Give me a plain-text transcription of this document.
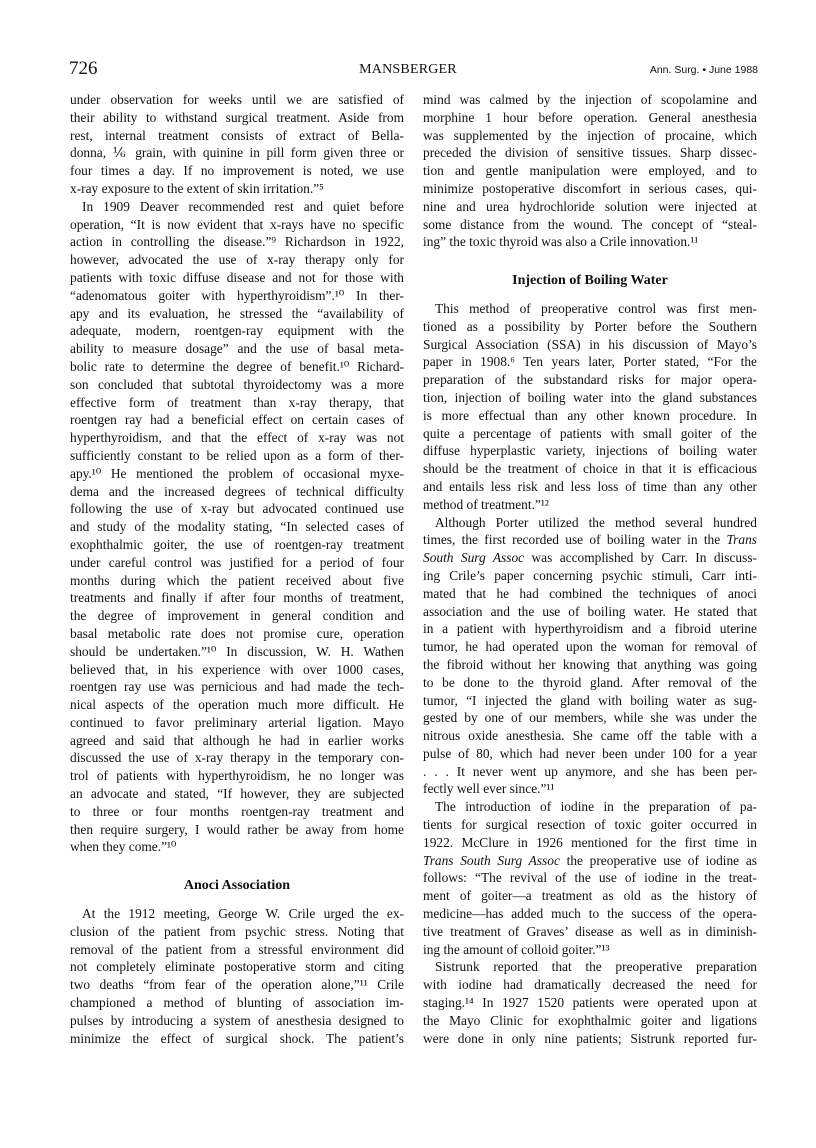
726	MANSBERGER	Ann. Surg. • June 1988
under observation for weeks until we are satisfied of
their ability to withstand surgical treatment. Aside from
rest, internal treatment consists of extract of Bella-
donna, ⅙ grain, with quinine in pill form given three or
four times a day. If no improvement is noted, we use
x-ray exposure to the extent of skin irritation.”⁵
In 1909 Deaver recommended rest and quiet before
operation, “It is now evident that x-rays have no specific
action in controlling the disease.”⁹ Richardson in 1922,
however, advocated the use of x-ray therapy only for
patients with toxic diffuse disease and not for those with
“adenomatous goiter with hyperthyroidism”.¹⁰ In ther-
apy and its evaluation, he stressed the “availability of
adequate, modern, roentgen-ray equipment with the
ability to measure dosage” and the use of basal meta-
bolic rate to determine the degree of benefit.¹⁰ Richard-
son concluded that subtotal thyroidectomy was a more
effective form of treatment than x-ray therapy, that
roentgen ray had a beneficial effect on certain cases of
hyperthyroidism, and that the effect of x-ray was not
sufficiently constant to be relied upon as a form of ther-
apy.¹⁰ He mentioned the problem of occasional myxe-
dema and the increased degrees of technical difficulty
following the use of x-ray but advocated continued use
and study of the modality stating, “In selected cases of
exophthalmic goiter, the use of roentgen-ray treatment
under careful control was justified for a period of four
months during which the patient received about five
treatments and finally if after four months of treatment,
the degree of improvement in general condition and
basal metabolic rate does not promise cure, operation
should be undertaken.”¹⁰ In discussion, W. H. Wathen
believed that, in his experience with over 1000 cases,
roentgen ray use was pernicious and had made the tech-
nical aspects of the operation much more difficult. He
continued to favor preliminary arterial ligation. Mayo
agreed and said that although he had in earlier works
discussed the use of x-ray therapy in the temporary con-
trol of patients with hyperthyroidism, he no longer was
an advocate and stated, “If however, they are subjected
to three or four months roentgen-ray treatment and
then require surgery, I would rather be away from home
when they come.”¹⁰
Anoci Association
At the 1912 meeting, George W. Crile urged the ex-
clusion of the patient from psychic stress. Noting that
removal of the patient from a stressful environment did
not completely eliminate postoperative storm and citing
two deaths “from fear of the operation alone,”¹¹ Crile
championed a method of blunting of association im-
pulses by introducing a system of anesthesia designed to
minimize the effect of surgical shock. The patient’s
mind was calmed by the injection of scopolamine and
morphine 1 hour before operation. General anesthesia
was supplemented by the injection of procaine, which
preceded the division of sensitive tissues. Sharp dissec-
tion and gentle manipulation were employed, and to
minimize postoperative discomfort in serious cases, qui-
nine and urea hydrochloride solution were injected at
some distance from the wound. The concept of “steal-
ing” the toxic thyroid was also a Crile innovation.¹¹
Injection of Boiling Water
This method of preoperative control was first men-
tioned as a possibility by Porter before the Southern
Surgical Association (SSA) in his discussion of Mayo’s
paper in 1908.⁶ Ten years later, Porter stated, “For the
preparation of the substandard risks for major opera-
tion, injection of boiling water into the gland substances
is more effectual than any other known procedure. In
quite a percentage of patients with small goiter of the
diffuse hyperplastic variety, injections of boiling water
should be the treatment of choice in that it is efficacious
and entails less risk and less loss of time than any other
method of treatment.”¹²
Although Porter utilized the method several hundred
times, the first recorded use of boiling water in the Trans
South Surg Assoc was accomplished by Carr. In discuss-
ing Crile’s paper concerning psychic stimuli, Carr inti-
mated that he had combined the techniques of anoci
association and the use of boiling water. He stated that
in a patient with hyperthyroidism and a fibroid uterine
tumor, he had operated upon the woman for removal of
the fibroid without her knowing that anything was going
to be done to the thyroid gland. After removal of the
tumor, “I injected the gland with boiling water as sug-
gested by one of our members, while she was under the
nitrous oxide anesthesia. She came off the table with a
pulse of 80, which had never been under 100 for a year
. . . It never went up anymore, and she has been per-
fectly well ever since.”¹¹
The introduction of iodine in the preparation of pa-
tients for surgical resection of toxic goiter occurred in
1922. McClure in 1926 mentioned for the first time in
Trans South Surg Assoc the preoperative use of iodine as
follows: “The revival of the use of iodine in the treat-
ment of goiter—a treatment as old as the history of
medicine—has added much to the success of the opera-
tive treatment of Graves’ disease as well as in diminish-
ing the amount of colloid goiter.”¹³
Sistrunk reported that the preoperative preparation
with iodine had dramatically decreased the need for
staging.¹⁴ In 1927 1520 patients were operated upon at
the Mayo Clinic for exophthalmic goiter and ligations
were done in only nine patients; Sistrunk reported fur-
